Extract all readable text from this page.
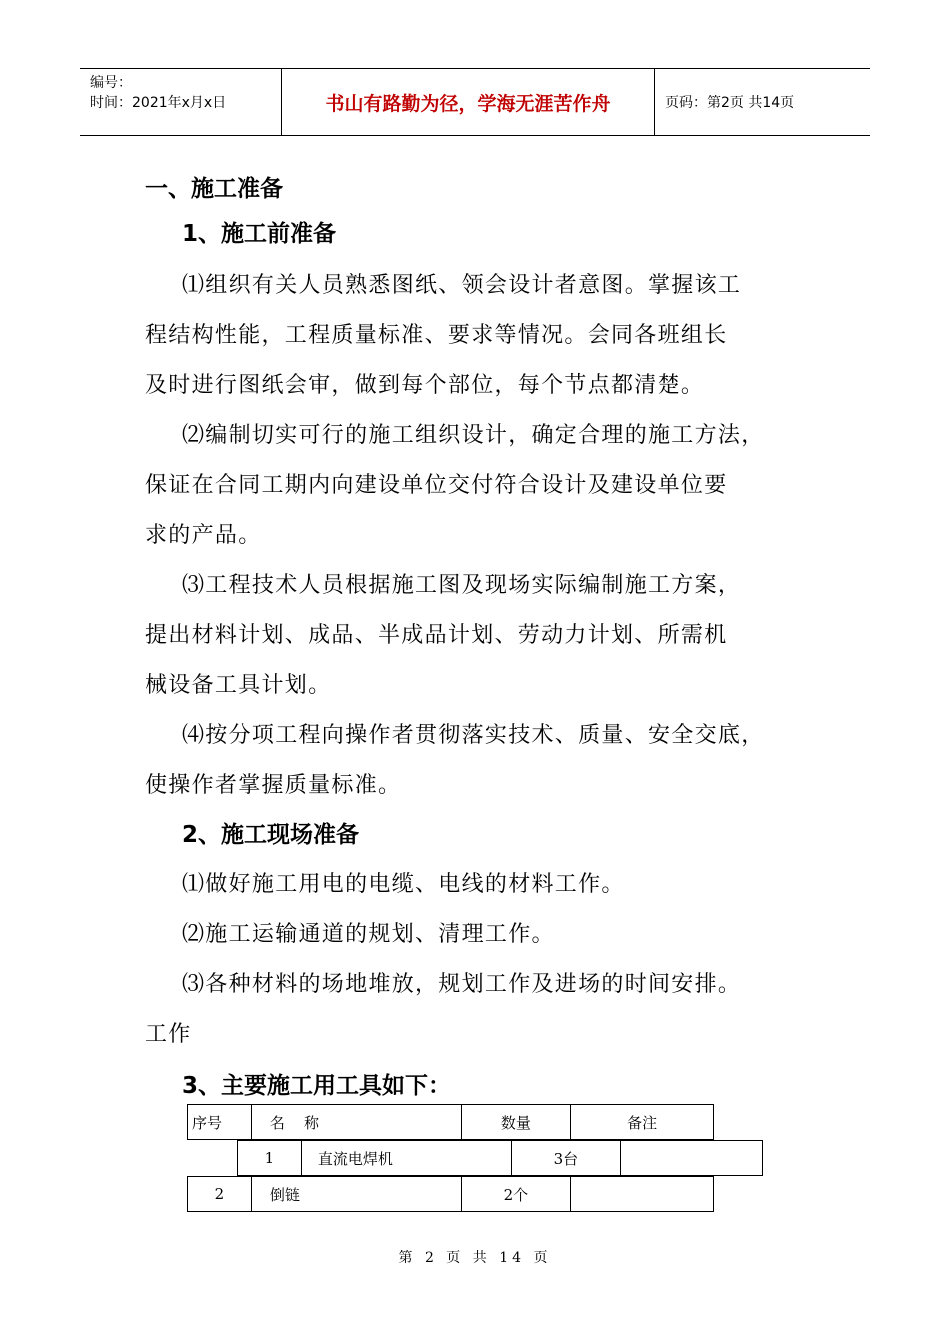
编号：
时间：2021年x月x日	书山有路勤为径，学海无涯苦作舟	页码：第2页 共14页
一、施工准备
1、施工前准备
⑴组织有关人员熟悉图纸、领会设计者意图。掌握该工
程结构性能，工程质量标准、要求等情况。会同各班组长
及时进行图纸会审，做到每个部位，每个节点都清楚。
⑵编制切实可行的施工组织设计，确定合理的施工方法，
保证在合同工期内向建设单位交付符合设计及建设单位要
求的产品。
⑶工程技术人员根据施工图及现场实际编制施工方案，
提出材料计划、成品、半成品计划、劳动力计划、所需机
械设备工具计划。
⑷按分项工程向操作者贯彻落实技术、质量、安全交底，
使操作者掌握质量标准。
2、施工现场准备
⑴做好施工用电的电缆、电线的材料工作。
⑵施工运输通道的规划、清理工作。
⑶各种材料的场地堆放，规划工作及进场的时间安排。
工作
3、主要施工用工具如下：
序号	名    称	数量	备注
1	直流电焊机	3台
2	倒链	2个
第 2 页 共 14 页
